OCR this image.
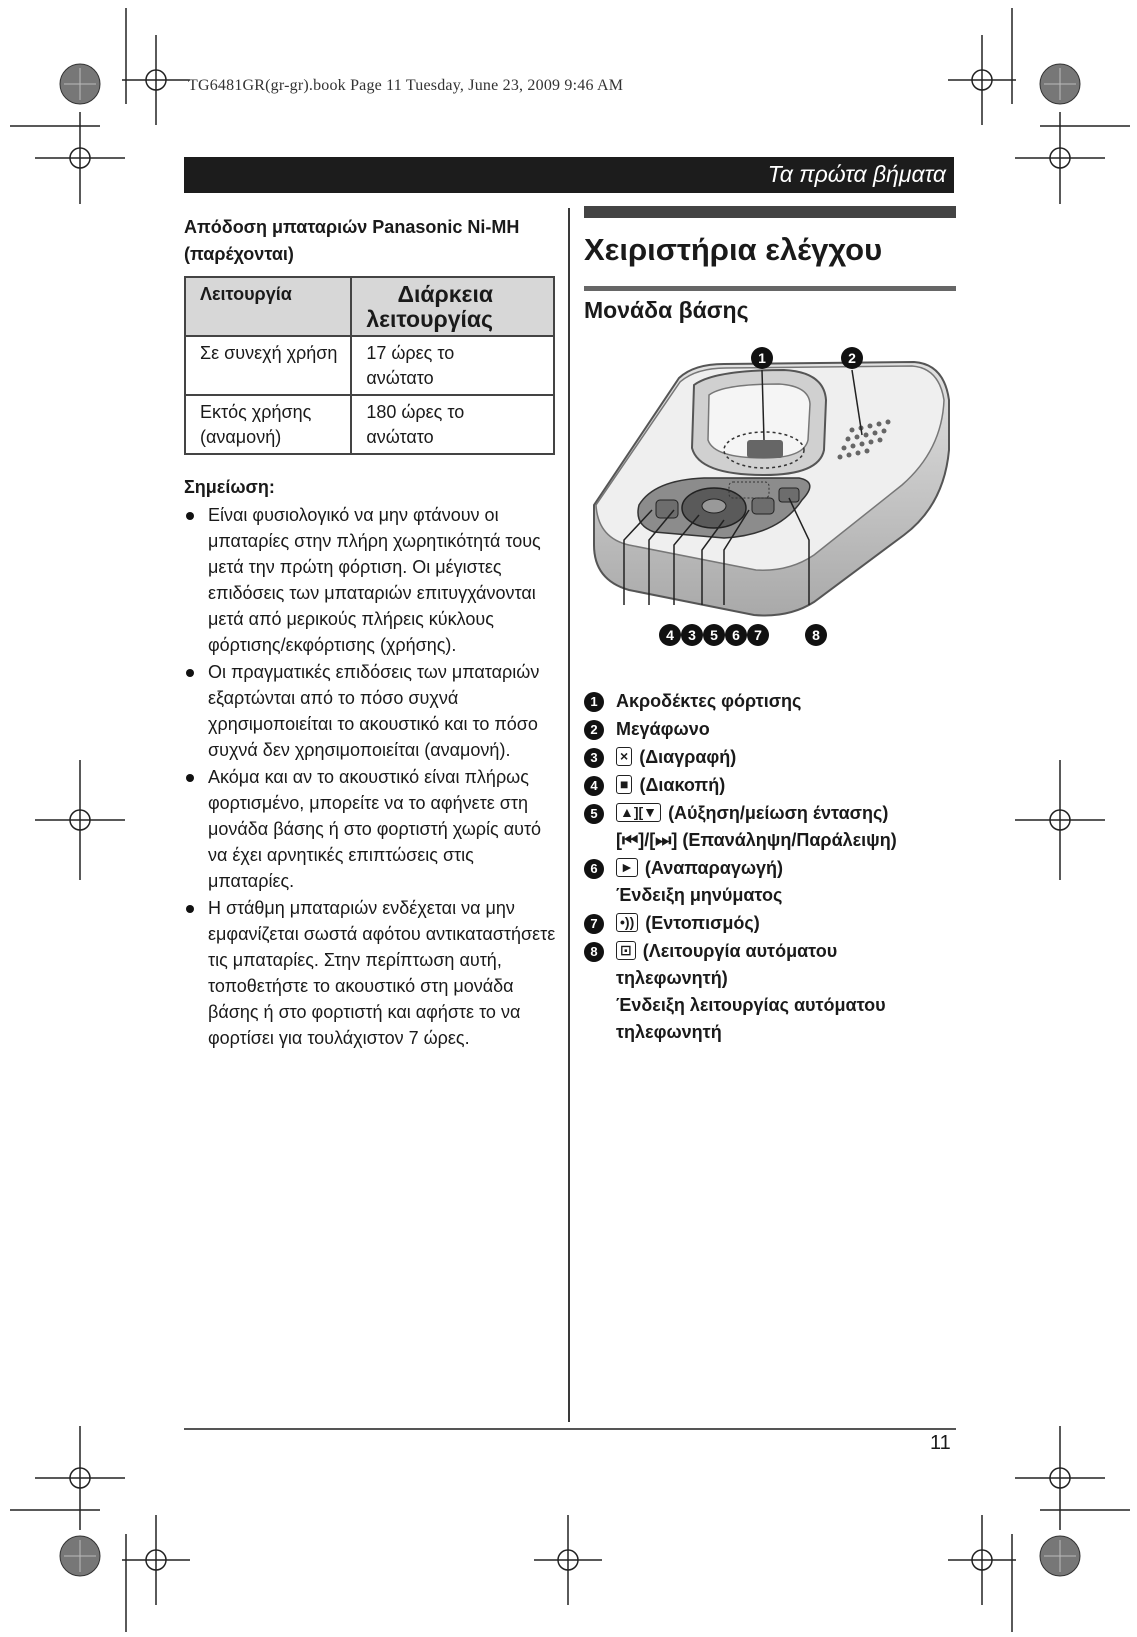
TG6481GR(gr-gr).book Page 11 Tuesday, June 23, 2009 9:46 AM
Τα πρώτα βήματα
Απόδοση μπαταριών Panasonic Ni-MH
(παρέχονται)
Λειτουργία	Διάρκεια
λειτουργίας
Σε συνεχή χρήση	17 ώρες το
ανώτατο
Εκτός χρήσης
(αναμονή)	180 ώρες το
ανώτατο
Σημείωση:
Είναι φυσιολογικό να μην φτάνουν οι μπαταρίες στην πλήρη χωρητικότητά τους μετά την πρώτη φόρτιση. Οι μέγιστες επιδόσεις των μπαταριών επιτυγχάνονται μετά από μερικούς πλήρεις κύκλους φόρτισης/εκφόρτισης (χρήσης).
Οι πραγματικές επιδόσεις των μπαταριών εξαρτώνται από το πόσο συχνά χρησιμοποιείται το ακουστικό και το πόσο συχνά δεν χρησιμοποιείται (αναμονή).
Ακόμα και αν το ακουστικό είναι πλήρως φορτισμένο, μπορείτε να το αφήνετε στη μονάδα βάσης ή στο φορτιστή χωρίς αυτό να έχει αρνητικές επιπτώσεις στις μπαταρίες.
Η στάθμη μπαταριών ενδέχεται να μην εμφανίζεται σωστά αφότου αντικαταστήσετε τις μπαταρίες. Στην περίπτωση αυτή, τοποθετήστε το ακουστικό στη μονάδα βάσης ή στο φορτιστή και αφήστε το να φορτίσει για τουλάχιστον 7 ώρες.
Χειριστήρια ελέγχου
Μονάδα βάσης
1	2
4 3 5 6 7	8
1	Ακροδέκτες φόρτισης
2	Μεγάφωνο
3	× (Διαγραφή)
4	■ (Διακοπή)
5	▲][▼ (Αύξηση/μείωση έντασης)
[⏮]/[⏭] (Επανάληψη/Παράλειψη)
6	► (Αναπαραγωγή)
Ένδειξη μηνύματος
7	•)) (Εντοπισμός)
8	⊡ (Λειτουργία αυτόματου
τηλεφωνητή)
Ένδειξη λειτουργίας αυτόματου τηλεφωνητή
11
